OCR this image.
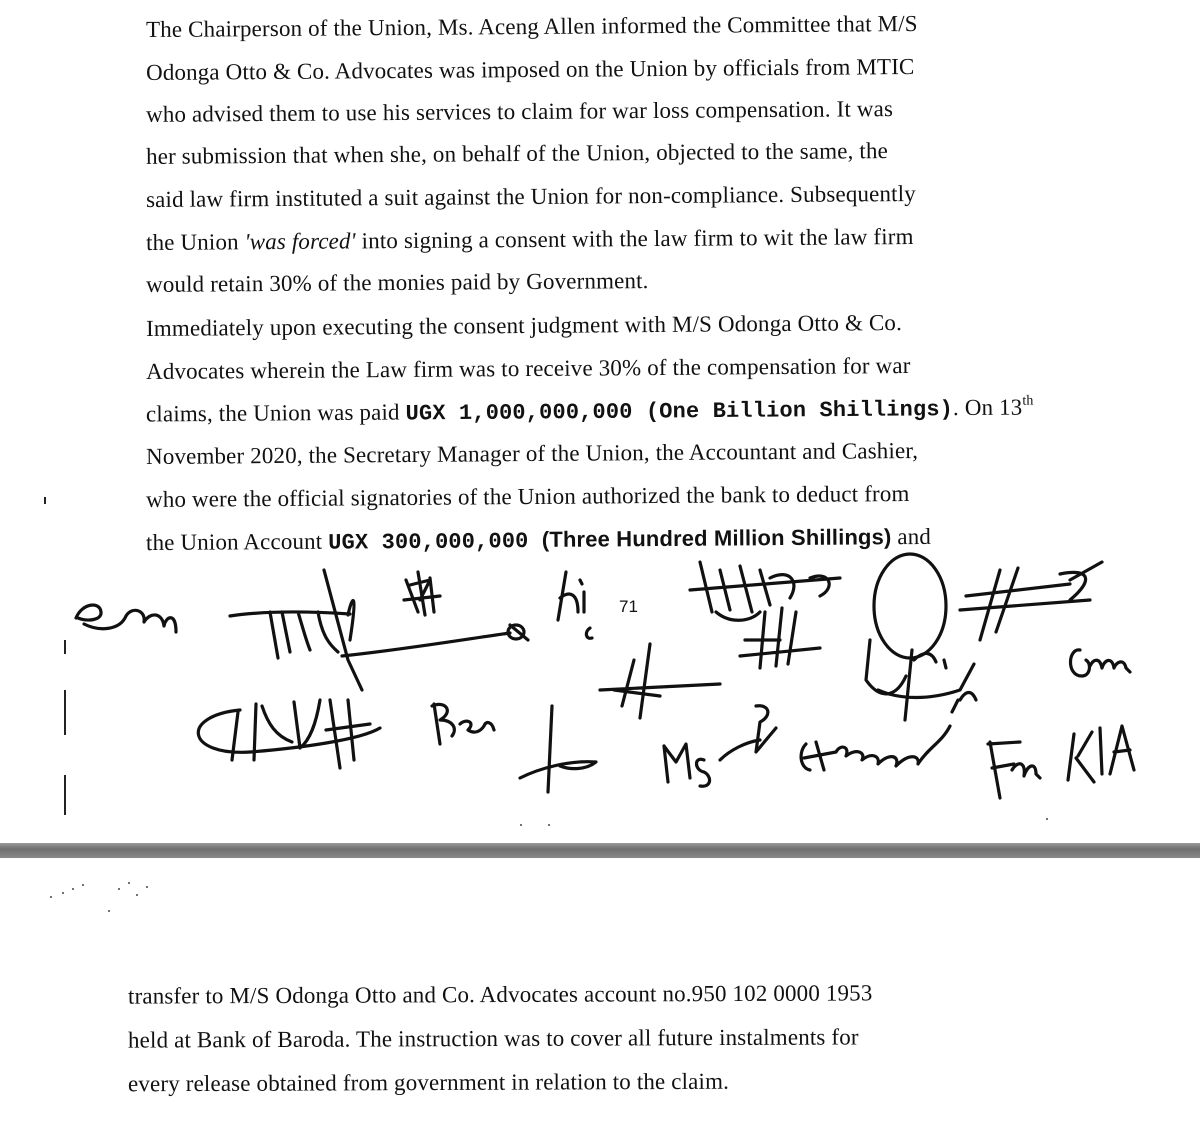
The Chairperson of the Union, Ms. Aceng Allen informed the Committee that M/S
Odonga Otto & Co. Advocates was imposed on the Union by officials from MTIC
who advised them to use his services to claim for war loss compensation. It was
her submission that when she, on behalf of the Union, objected to the same, the
said law firm instituted a suit against the Union for non-compliance. Subsequently
the Union 'was forced' into signing a consent with the law firm to wit the law firm
would retain 30% of the monies paid by Government.
Immediately upon executing the consent judgment with M/S Odonga Otto & Co.
Advocates wherein the Law firm was to receive 30% of the compensation for war
claims, the Union was paid UGX 1,000,000,000 (One Billion Shillings). On 13th
November 2020, the Secretary Manager of the Union, the Accountant and Cashier,
who were the official signatories of the Union authorized the bank to deduct from
the Union Account UGX 300,000,000 (Three Hundred Million Shillings) and
71
transfer to M/S Odonga Otto and Co. Advocates account no.950 102 0000 1953
held at Bank of Baroda. The instruction was to cover all future instalments for
every release obtained from government in relation to the claim.
